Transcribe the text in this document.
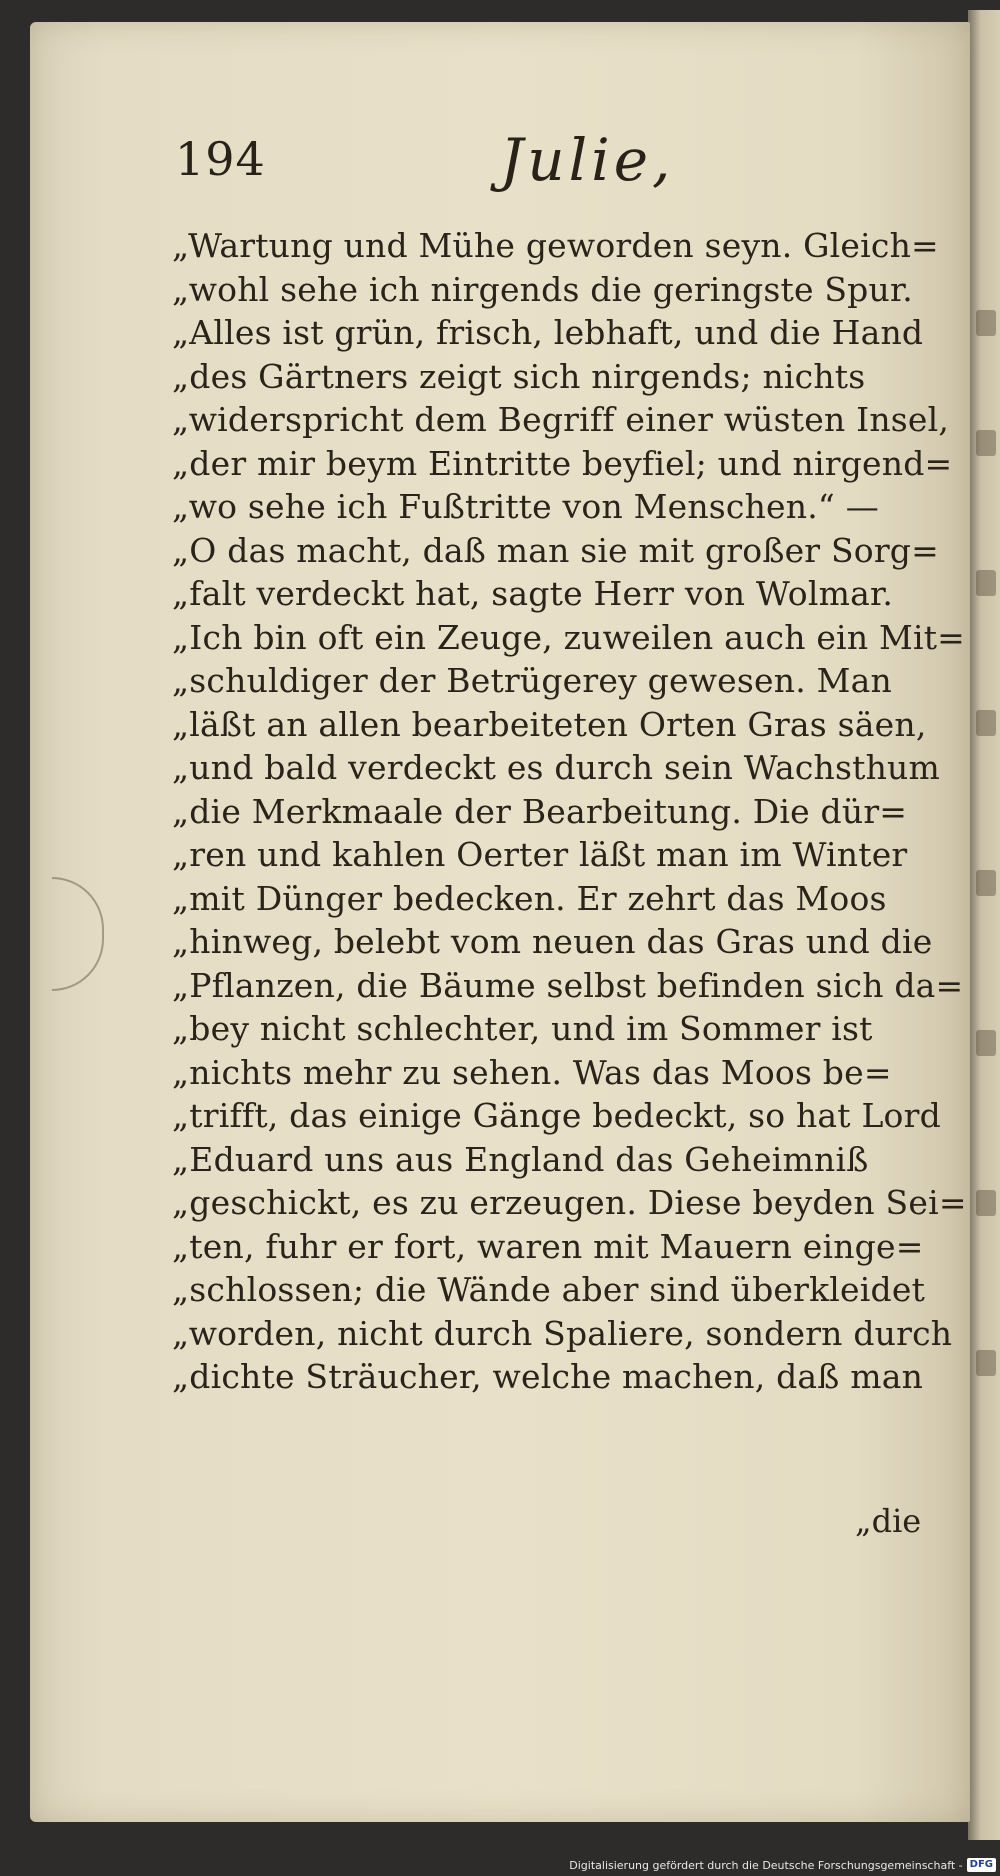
194	Julie,
„Wartung und Mühe geworden seyn. Gleich=
„wohl sehe ich nirgends die geringste Spur.
„Alles ist grün, frisch, lebhaft, und die Hand
„des Gärtners zeigt sich nirgends; nichts
„widerspricht dem Begriff einer wüsten Insel,
„der mir beym Eintritte beyfiel; und nirgend=
„wo sehe ich Fußtritte von Menschen.“ —
„O das macht, daß man sie mit großer Sorg=
„falt verdeckt hat, sagte Herr von Wolmar.
„Ich bin oft ein Zeuge, zuweilen auch ein Mit=
„schuldiger der Betrügerey gewesen. Man
„läßt an allen bearbeiteten Orten Gras säen,
„und bald verdeckt es durch sein Wachsthum
„die Merkmaale der Bearbeitung. Die dür=
„ren und kahlen Oerter läßt man im Winter
„mit Dünger bedecken. Er zehrt das Moos
„hinweg, belebt vom neuen das Gras und die
„Pflanzen, die Bäume selbst befinden sich da=
„bey nicht schlechter, und im Sommer ist
„nichts mehr zu sehen. Was das Moos be=
„trifft, das einige Gänge bedeckt, so hat Lord
„Eduard uns aus England das Geheimniß
„geschickt, es zu erzeugen. Diese beyden Sei=
„ten, fuhr er fort, waren mit Mauern einge=
„schlossen; die Wände aber sind überkleidet
„worden, nicht durch Spaliere, sondern durch
„dichte Sträucher, welche machen, daß man
„die
Digitalisierung gefördert durch die Deutsche Forschungsgemeinschaft - DFG
